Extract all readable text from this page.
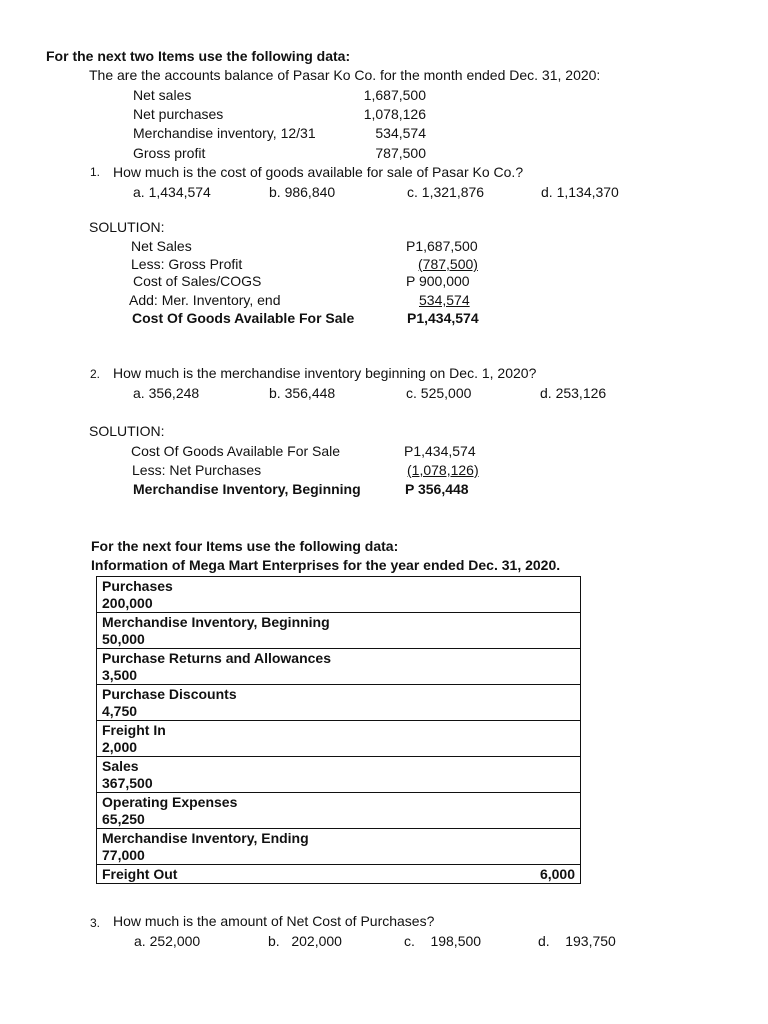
For the next two Items use the following data:
The are the accounts balance of Pasar Ko Co. for the month ended Dec. 31, 2020:
Net sales	1,687,500
Net purchases	1,078,126
Merchandise inventory, 12/31	534,574
Gross profit	787,500
1. How much is the cost of goods available for sale of Pasar Ko Co.?
a. 1,434,574	b. 986,840	c. 1,321,876	d. 1,134,370
SOLUTION:
Net Sales	P1,687,500
Less: Gross Profit	(787,500)
Cost of Sales/COGS	P 900,000
Add: Mer. Inventory, end	534,574
Cost Of Goods Available For Sale	P1,434,574
2. How much is the merchandise inventory beginning on Dec. 1, 2020?
a. 356,248	b. 356,448	c. 525,000	d. 253,126
SOLUTION:
Cost Of Goods Available For Sale	P1,434,574
Less: Net Purchases	(1,078,126)
Merchandise Inventory, Beginning	P 356,448
For the next four Items use the following data:
Information of Mega Mart Enterprises for the year ended Dec. 31, 2020.
Purchases
200,000

Merchandise Inventory, Beginning
50,000

Purchase Returns and Allowances
3,500

Purchase Discounts
4,750

Freight In
2,000

Sales
367,500

Operating Expenses
65,250

Merchandise Inventory, Ending
77,000

Freight Out	6,000
3. How much is the amount of Net Cost of Purchases?
a. 252,000	b.   202,000	c.    198,500	d.    193,750
